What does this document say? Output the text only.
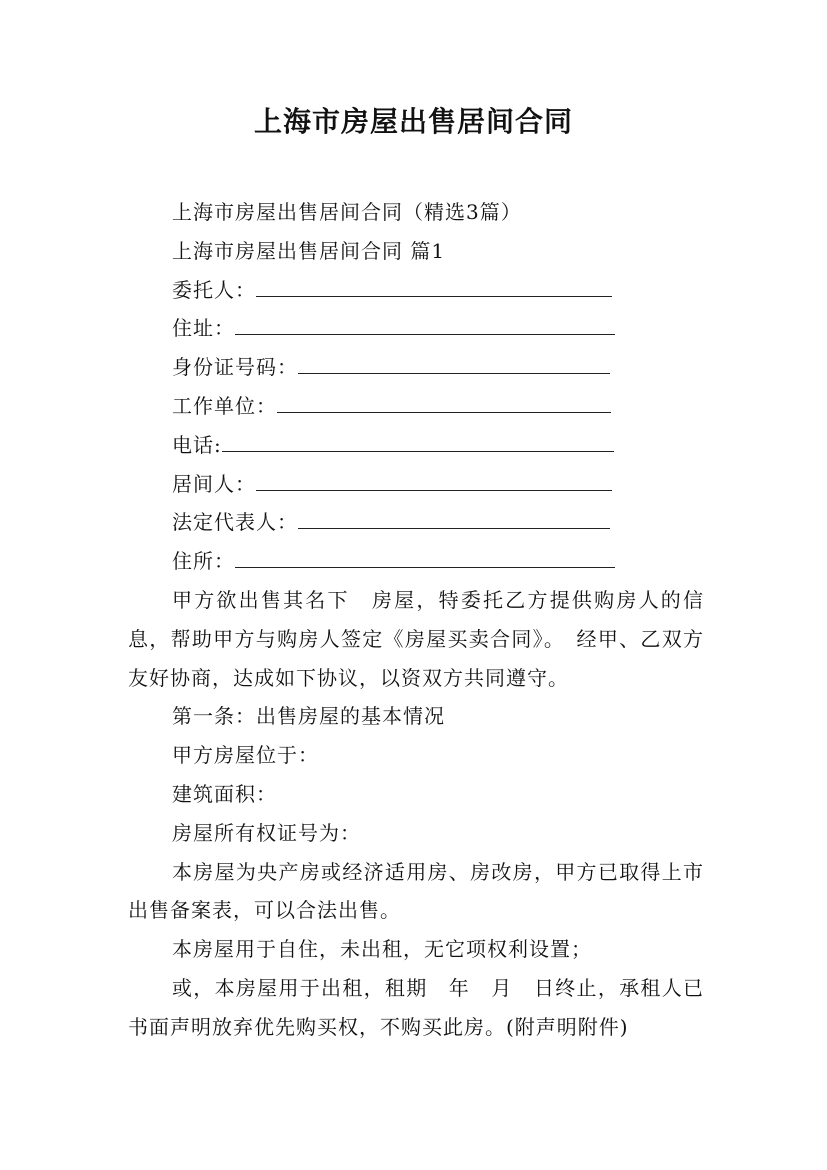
上海市房屋出售居间合同

上海市房屋出售居间合同（精选3篇）

上海市房屋出售居间合同 篇1

委托人：

住址：

身份证号码：

工作单位：

电话:

居间人：

法定代表人：

住所：

甲方欲出售其名下　房屋，特委托乙方提供购房人的信息，帮助甲方与购房人签定《房屋买卖合同》。　经甲、乙双方友好协商，达成如下协议，以资双方共同遵守。

第一条：出售房屋的基本情况

甲方房屋位于：

建筑面积：

房屋所有权证号为：

本房屋为央产房或经济适用房、房改房，甲方已取得上市出售备案表，可以合法出售。

本房屋用于自住，未出租，无它项权利设置；

或，本房屋用于出租，租期　年　月　日终止，承租人已书面声明放弃优先购买权，不购买此房。(附声明附件)
